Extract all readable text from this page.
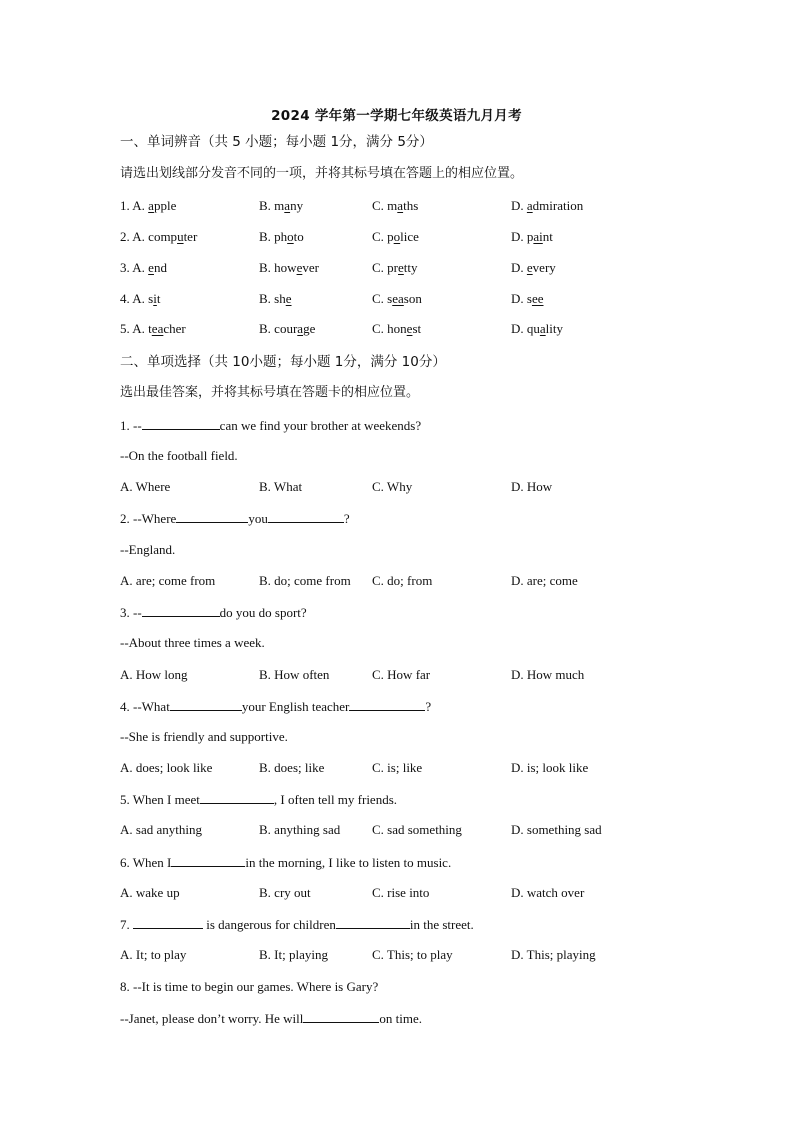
2024 学年第一学期七年级英语九月月考
一、单词辨音（共 5 小题；每小题 1分，满分 5分）
请选出划线部分发音不同的一项，并将其标号填在答题上的相应位置。
1. A. apple	B. many	C. maths	D. admiration
2. A. computer	B. photo	C. police	D. paint
3. A. end	B. however	C. pretty	D. every
4. A. sit	B. she	C. season	D. see
5. A. teacher	B. courage	C. honest	D. quality
二、单项选择（共 10小题；每小题 1分，满分 10分）
选出最佳答案，并将其标号填在答题卡的相应位置。
1. --	can we find your brother at weekends?
--On the football field.
A. Where	B. What	C. Why	D. How
2. --Where	you	?
--England.
A. are; come from	B. do; come from C. do; from	D. are; come
3. --	do you do sport?
--About three times a week.
A. How long	B. How often	C. How far	D. How much
4. --What	your English teacher	?
--She is friendly and supportive.
A. does; look like	B. does; like	C. is; like	D. is; look like
5. When I meet	, I often tell my friends.
A. sad anything	B. anything sad C. sad something	D. something sad
6. When I	in the morning, I like to listen to music.
A. wake up	B. cry out	C. rise into	D. watch over
7.	is dangerous for children	in the street.
A. It; to play	B. It; playing	C. This; to play	D. This; playing
8. --It is time to begin our games. Where is Gary?
--Janet, please don’t worry. He will	on time.
